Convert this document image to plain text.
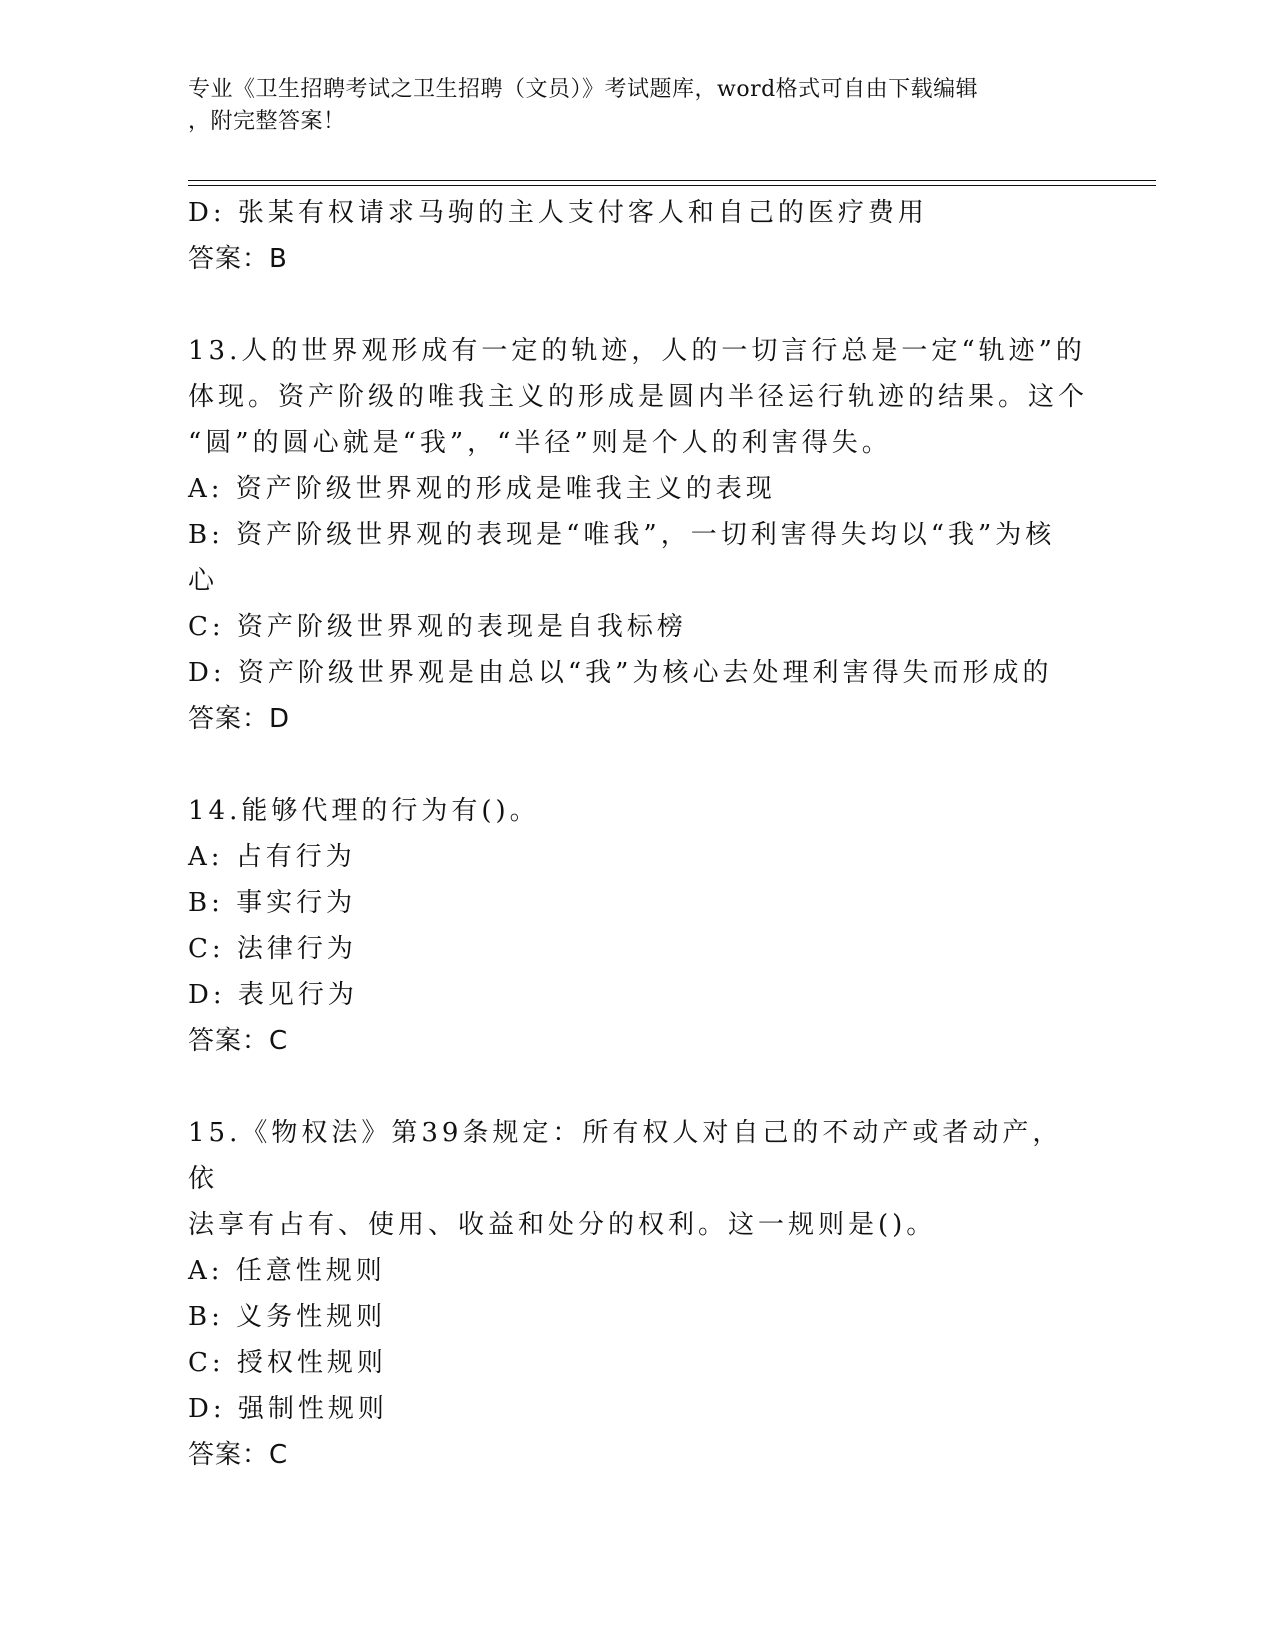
专业《卫生招聘考试之卫生招聘（文员）》考试题库，word格式可自由下载编辑
，附完整答案！
D: 张某有权请求马驹的主人支付客人和自己的医疗费用
答案：B
13.人的世界观形成有一定的轨迹，人的一切言行总是一定“轨迹”的
体现。资产阶级的唯我主义的形成是圆内半径运行轨迹的结果。这个
“圆”的圆心就是“我”，“半径”则是个人的利害得失。
A: 资产阶级世界观的形成是唯我主义的表现
B: 资产阶级世界观的表现是“唯我”，一切利害得失均以“我”为核
心
C: 资产阶级世界观的表现是自我标榜
D: 资产阶级世界观是由总以“我”为核心去处理利害得失而形成的
答案：D
14.能够代理的行为有()。
A: 占有行为
B: 事实行为
C: 法律行为
D: 表见行为
答案：C
15.《物权法》第39条规定：所有权人对自己的不动产或者动产，依
法享有占有、使用、收益和处分的权利。这一规则是()。
A: 任意性规则
B: 义务性规则
C: 授权性规则
D: 强制性规则
答案：C
